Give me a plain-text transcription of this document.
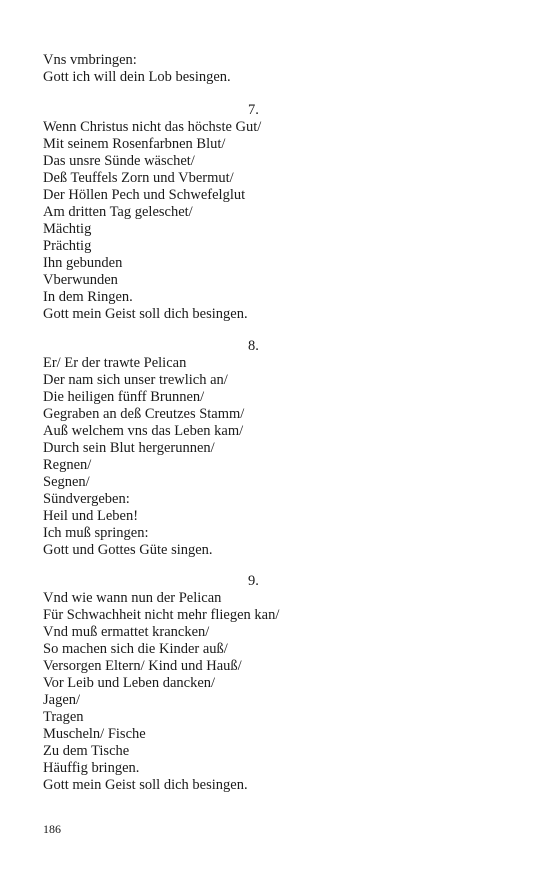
Vns vmbringen:
Gott ich will dein Lob besingen.
7.
Wenn Christus nicht das höchste Gut/
Mit seinem Rosenfarbnen Blut/
Das unsre Sünde wäschet/
Deß Teuffels Zorn und Vbermut/
Der Höllen Pech und Schwefelglut
Am dritten Tag geleschet/
Mächtig
Prächtig
Ihn gebunden
Vberwunden
In dem Ringen.
Gott mein Geist soll dich besingen.
8.
Er/ Er der trawte Pelican
Der nam sich unser trewlich an/
Die heiligen fünff Brunnen/
Gegraben an deß Creutzes Stamm/
Auß welchem vns das Leben kam/
Durch sein Blut hergerunnen/
Regnen/
Segnen/
Sündvergeben:
Heil und Leben!
Ich muß springen:
Gott und Gottes Güte singen.
9.
Vnd wie wann nun der Pelican
Für Schwachheit nicht mehr fliegen kan/
Vnd muß ermattet krancken/
So machen sich die Kinder auß/
Versorgen Eltern/ Kind und Hauß/
Vor Leib und Leben dancken/
Jagen/
Tragen
Muscheln/ Fische
Zu dem Tische
Häuffig bringen.
Gott mein Geist soll dich besingen.
186
